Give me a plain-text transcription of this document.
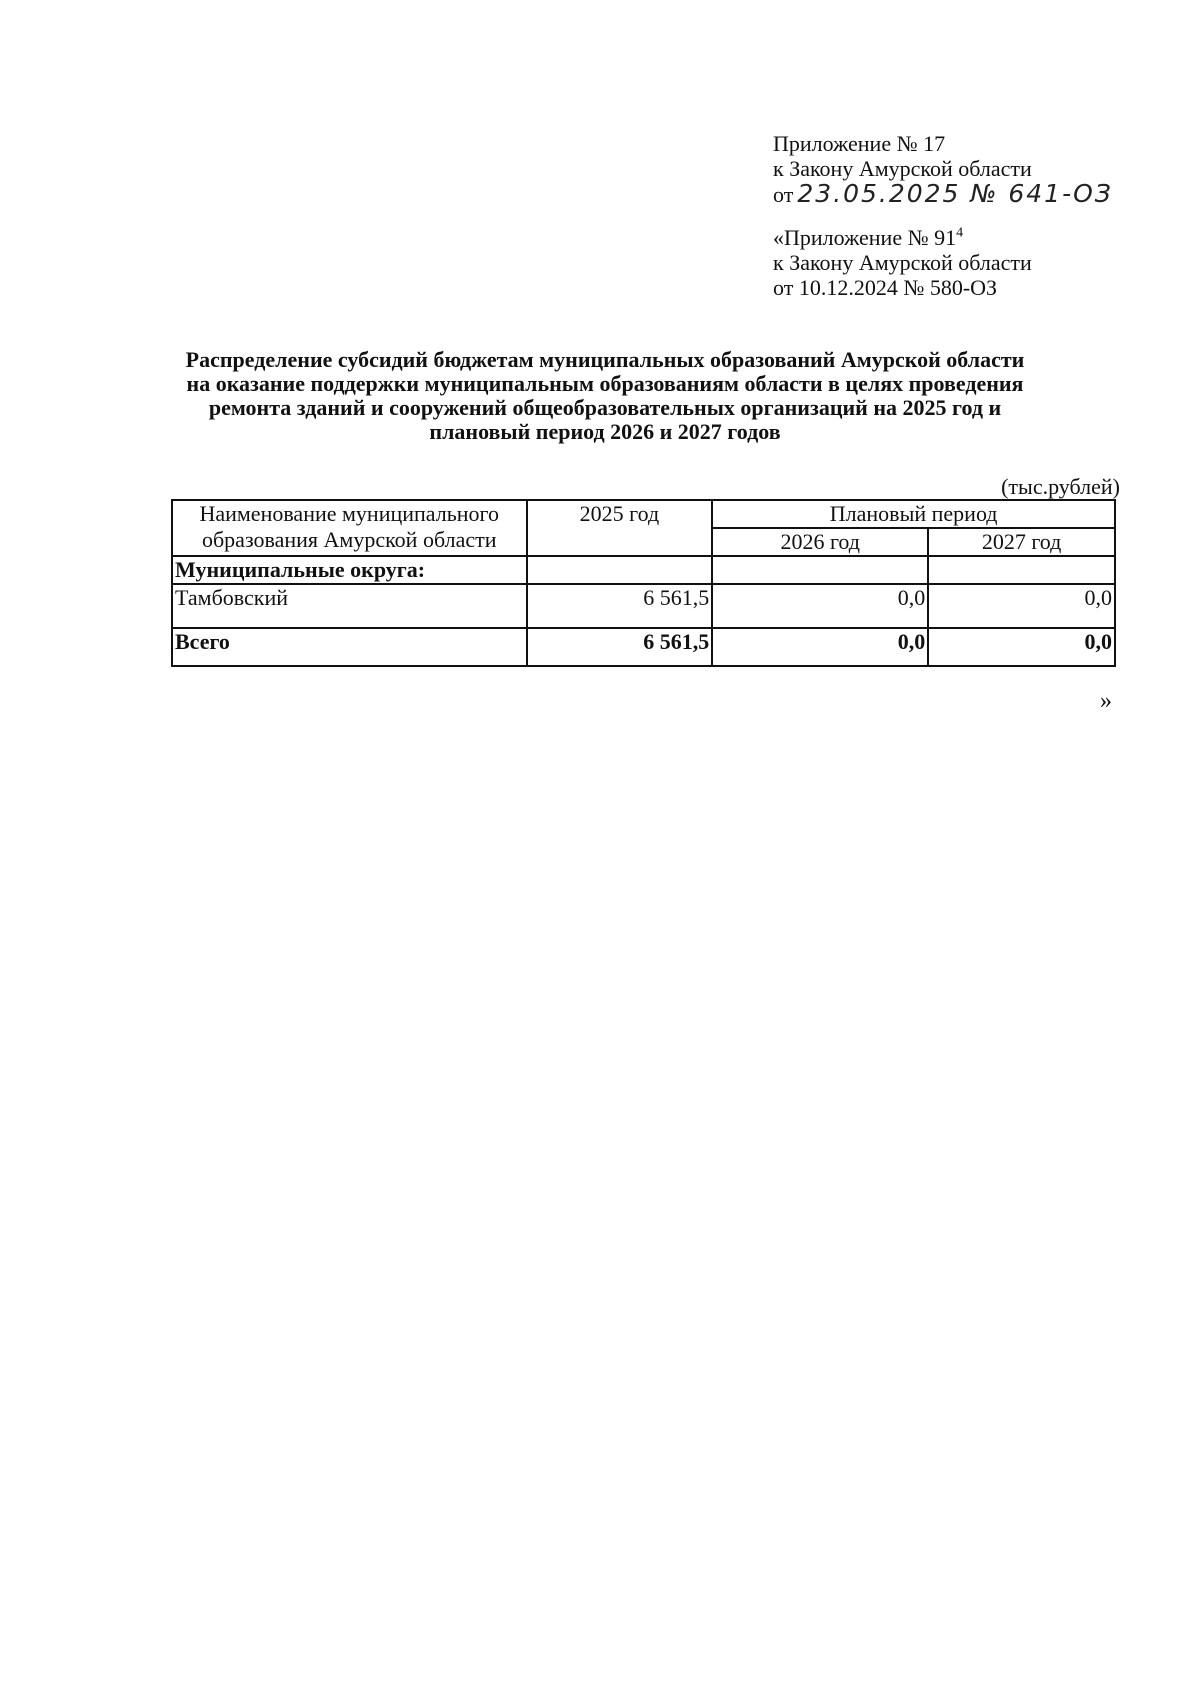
Приложение № 17
к Закону Амурской области
от 23.05.2025 № 641-ОЗ
«Приложение № $91^4$
к Закону Амурской области
от 10.12.2024 № 580-ОЗ
Распределение субсидий бюджетам муниципальных образований Амурской области
на оказание поддержки муниципальным образованиям области в целях проведения
ремонта зданий и сооружений общеобразовательных организаций на 2025 год и
плановый период 2026 и 2027 годов
(тыс.рублей)
Наименование муниципального
образования Амурской области	2025 год	Плановый период	
		2026 год	2027 год
Муниципальные округа:			
Тамбовский	6 561,5	0,0	0,0
Всего	6 561,5	0,0	0,0
»
